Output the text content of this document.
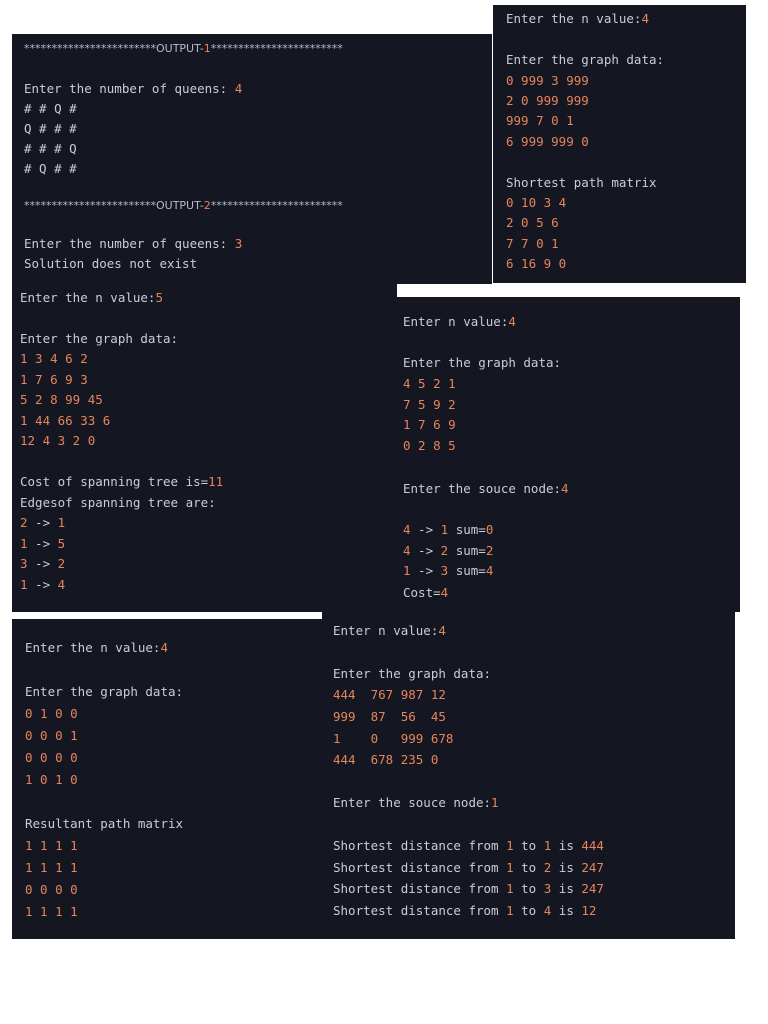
************************OUTPUT-1************************
Enter the number of queens: 4
# # Q #
Q # # #
# # # Q
# Q # #
************************OUTPUT-2************************
Enter the number of queens: 3
Solution does not exist
Enter the n value:4
Enter the graph data:
0 999 3 999
2 0 999 999
999 7 0 1
6 999 999 0
Shortest path matrix
0 10 3 4
2 0 5 6
7 7 0 1
6 16 9 0
Enter the n value:5
Enter the graph data:
1 3 4 6 2
1 7 6 9 3
5 2 8 99 45
1 44 66 33 6
12 4 3 2 0
Cost of spanning tree is=11
Edgesof spanning tree are:
2 -> 1
1 -> 5
3 -> 2
1 -> 4
Enter n value:4
Enter the graph data:
4 5 2 1
7 5 9 2
1 7 6 9
0 2 8 5
Enter the souce node:4
4 -> 1 sum=0
4 -> 2 sum=2
1 -> 3 sum=4
Cost=4
Enter the n value:4
Enter the graph data:
0 1 0 0
0 0 0 1
0 0 0 0
1 0 1 0
Resultant path matrix
1 1 1 1
1 1 1 1
0 0 0 0
1 1 1 1
Enter n value:4
Enter the graph data:
444  767 987 12
999  87  56  45
1    0   999 678
444  678 235 0
Enter the souce node:1
Shortest distance from 1 to 1 is 444
Shortest distance from 1 to 2 is 247
Shortest distance from 1 to 3 is 247
Shortest distance from 1 to 4 is 12
